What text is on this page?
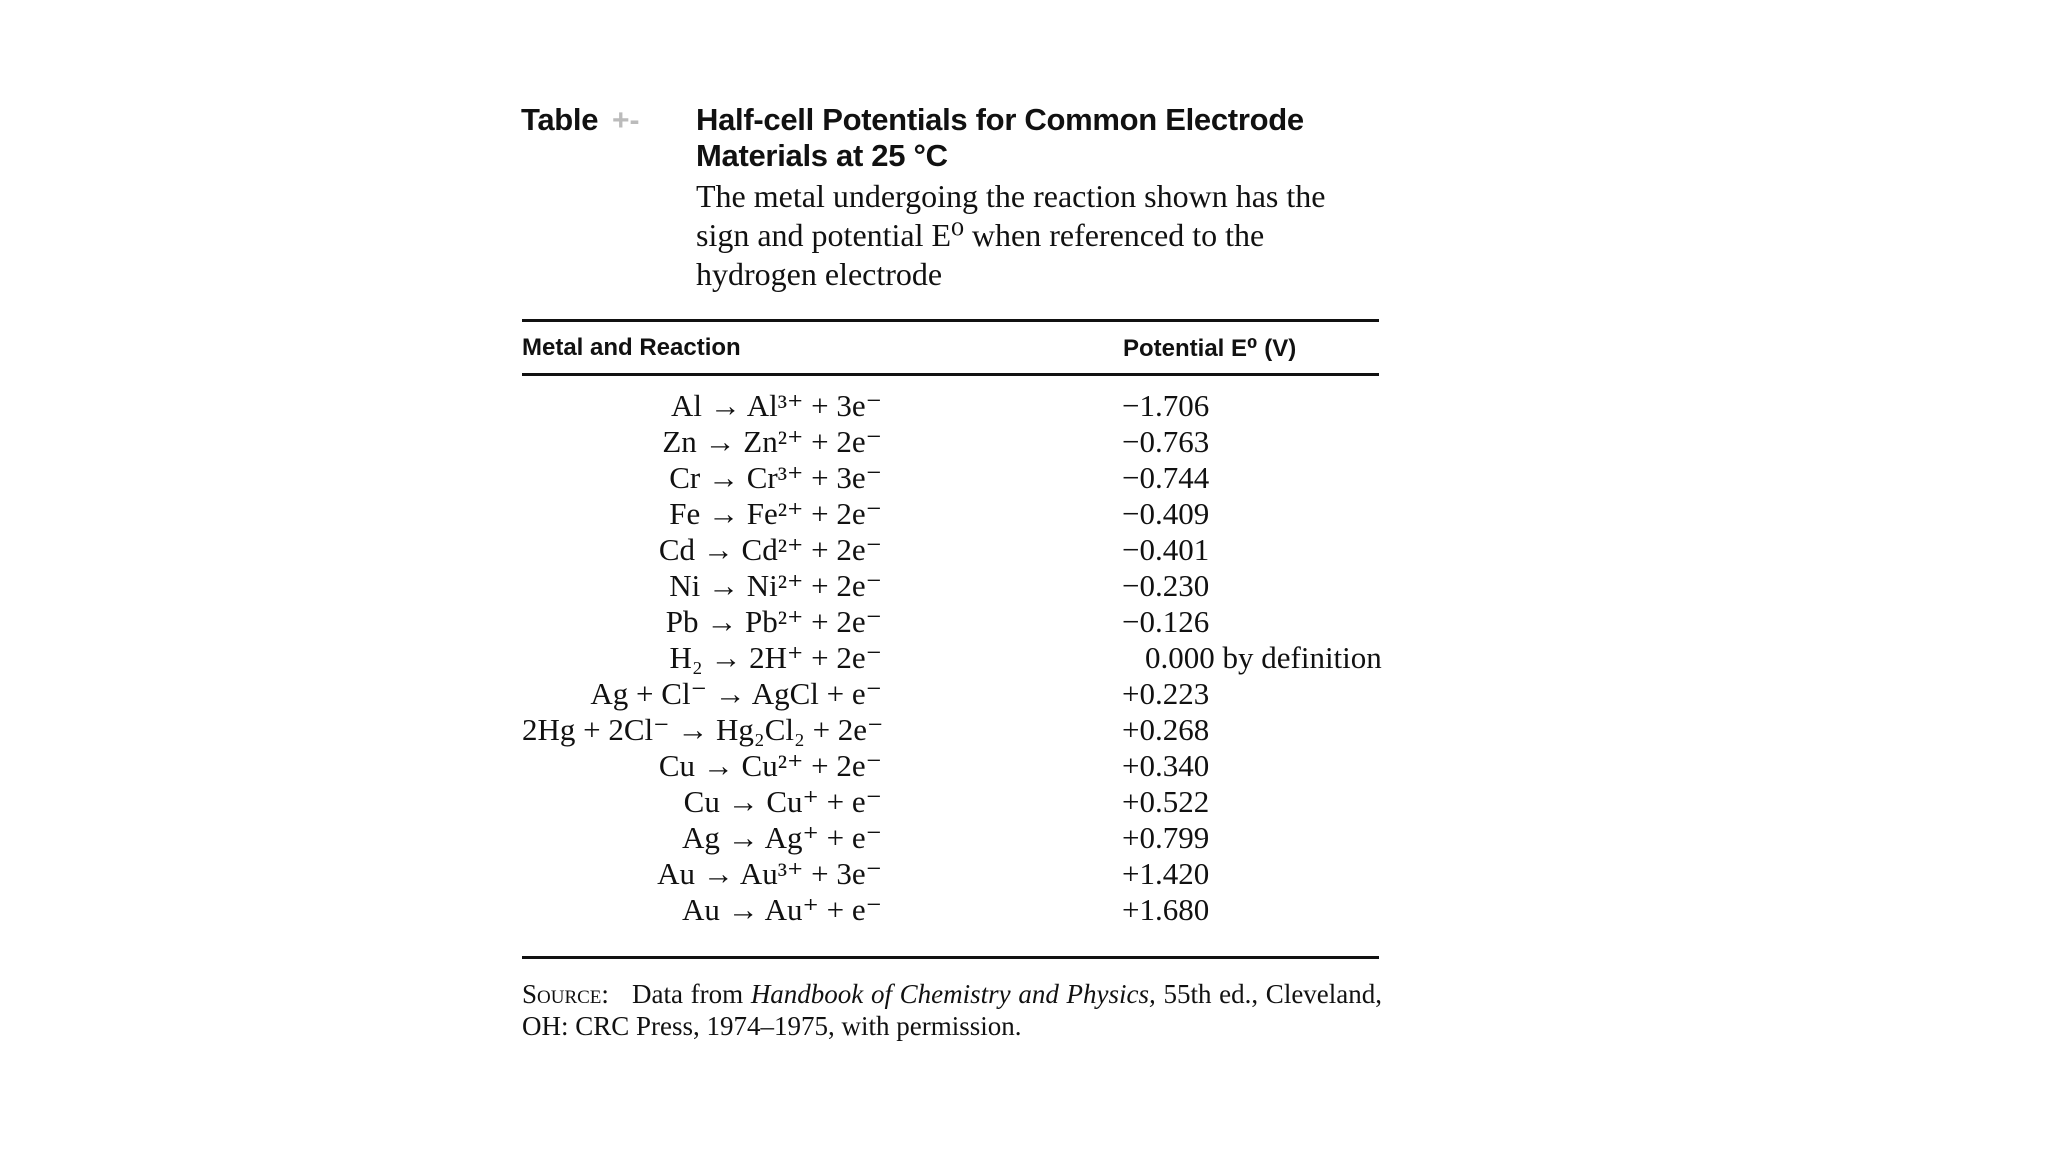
Table +- Half-cell Potentials for Common Electrode Materials at 25 °C
The metal undergoing the reaction shown has the sign and potential E⁰ when referenced to the hydrogen electrode
Metal and Reaction	Potential E⁰ (V)
Al → Al³⁺ + 3e⁻	−1.706
Zn → Zn²⁺ + 2e⁻	−0.763
Cr → Cr³⁺ + 3e⁻	−0.744
Fe → Fe²⁺ + 2e⁻	−0.409
Cd → Cd²⁺ + 2e⁻	−0.401
Ni → Ni²⁺ + 2e⁻	−0.230
Pb → Pb²⁺ + 2e⁻	−0.126
H₂ → 2H⁺ + 2e⁻	0.000 by definition
Ag + Cl⁻ → AgCl + e⁻	+0.223
2Hg + 2Cl⁻ → Hg₂Cl₂ + 2e⁻	+0.268
Cu → Cu²⁺ + 2e⁻	+0.340
Cu → Cu⁺ + e⁻	+0.522
Ag → Ag⁺ + e⁻	+0.799
Au → Au³⁺ + 3e⁻	+1.420
Au → Au⁺ + e⁻	+1.680
Source: Data from Handbook of Chemistry and Physics, 55th ed., Cleveland, OH: CRC Press, 1974–1975, with permission.
